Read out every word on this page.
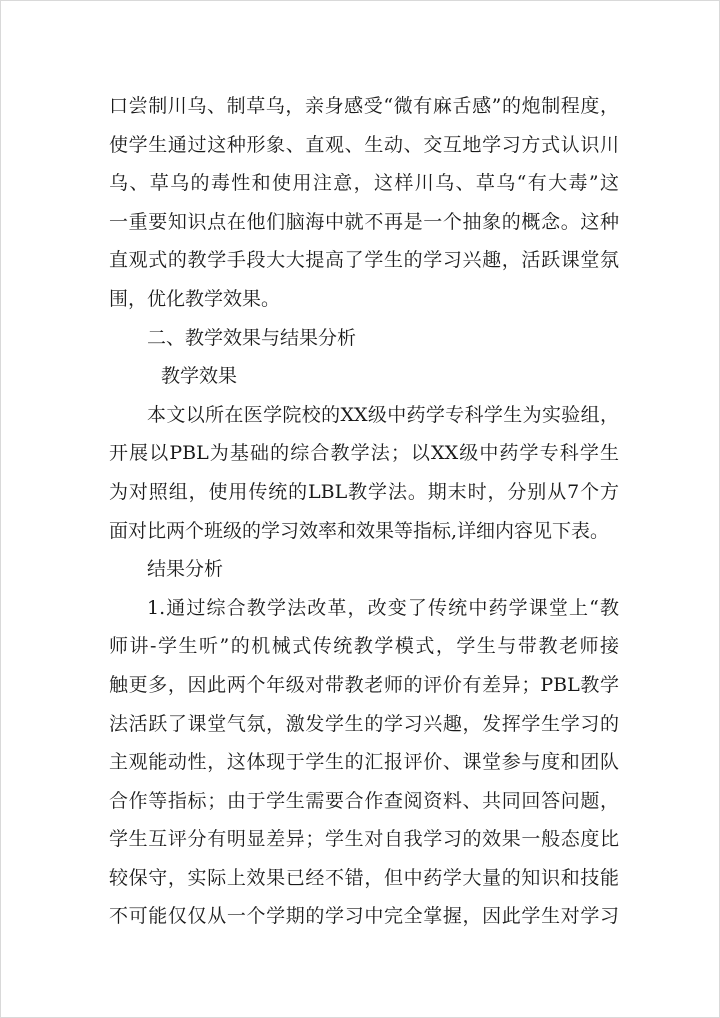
口尝制川乌、制草乌，亲身感受“微有麻舌感”的炮制程度，
使学生通过这种形象、直观、生动、交互地学习方式认识川
乌、草乌的毒性和使用注意，这样川乌、草乌“有大毒”这
一重要知识点在他们脑海中就不再是一个抽象的概念。这种
直观式的教学手段大大提高了学生的学习兴趣，活跃课堂氛
围，优化教学效果。
二、教学效果与结果分析
教学效果
本文以所在医学院校的XX级中药学专科学生为实验组，
开展以PBL为基础的综合教学法；以XX级中药学专科学生
为对照组，使用传统的LBL教学法。期末时，分别从7个方
面对比两个班级的学习效率和效果等指标,详细内容见下表。
结果分析
1.通过综合教学法改革，改变了传统中药学课堂上“教
师讲-学生听”的机械式传统教学模式，学生与带教老师接
触更多，因此两个年级对带教老师的评价有差异；PBL教学
法活跃了课堂气氛，激发学生的学习兴趣，发挥学生学习的
主观能动性，这体现于学生的汇报评价、课堂参与度和团队
合作等指标；由于学生需要合作查阅资料、共同回答问题，
学生互评分有明显差异；学生对自我学习的效果一般态度比
较保守，实际上效果已经不错，但中药学大量的知识和技能
不可能仅仅从一个学期的学习中完全掌握，因此学生对学习
